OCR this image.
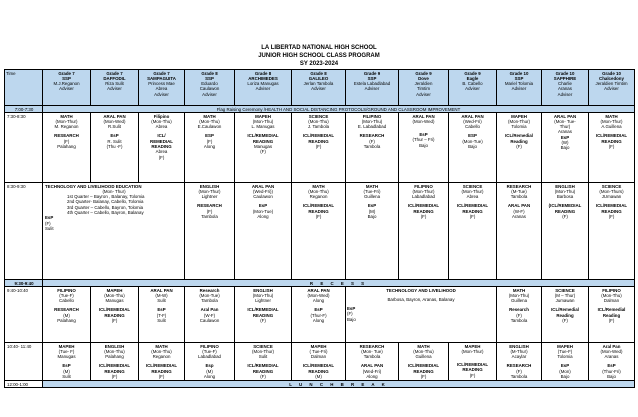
LA LIBERTAD NATIONAL HIGH SCHOOL
JUNIOR HIGH SCHOOL CLASS PROGRAM
SY 2023-2024
Time	Grade 7
SSP
M.J.Reganon
Adviser
Grade 7
DAFFODIL
Riza Sulit
Adviser
Grade 7
SAMPAGUITA
Princess Mae
Abrea
Adviser
Grade 8
SSP
Eduardo
Caulawon
Adviser
Grade 8
ARCHIMEDES
Loriza Manugas
Adviser
Grade 8
GALILEO
Jerlan Tambola
Adviser
Grade 9
SSP
Estela Labadlabad
Adviser
Grade 9
Dove
Jeraldien
Timtim
Adviser
Grade 9
Eagle
B. Cabello
Adviser
Grade 10
SSP
Mariel Tolomia
Adviser
Grade 10
SAPPHIRE
Charlie
Aranas
Adviser
Grade 10
Chalcedony
Jeraldien Timtim
Adviser
7:00-7:30
7:30-8:30
8:30-9:30
9:30-9:40
9:40-10:40
10:40- 11:40
12:00-1:00
Flag Raising Ceremony /HEALTH AND SOCIAL DISTANCING PROTOCOLS/GROUND AND CLASSROOM IMPROVEMENT
MATH
(Mon-Thur)
M. Reganon
RESEARCH
(F)
Palahang
ARAL PAN
(Mon-Wed)
R.Sulit
EsP
R. Sulit
(Thu -F)
Filipino
(Mon-Thu)
Abrea
ICL/
REMEDIAL
READING
Abrea
(F)
MATH
(Mon-Thu)
E.Caulawon
ESP
(F)
Along
MAPEH
(Mon-Thu)
L. Manugas
ICL/REMEDIAL
READING
Manugas
(F)
SCIENCE
(Mon-Thu)
J. Tambola
ICL/REMEDIAL
READING
(F)
FILIPINO
(Mon-Thu)
E. Labadlabad
RESEARCH
(F)
Tambola
ARAL PAN
(Mon-Wed)
EsP
(Thur – Fri)
Bajo
ARAL PAN
(Wed-Fri)
Cabello
ESP
(Mon-Tue)
Bajo
MAPEH
(Mon-Thur)
Tolomia
ICL/Remedial
Reading
(F)
ARAL PAN
(Mon- Tue-
Thur)
Aranas
EsP
(W)
Bajo
MATH
(Mon-Thur)
A.Guillena
ICL/REMEDIAL
READING
(F)
TECHNOLOGY AND LIVELIHOOD EDUCATION
(Mon- Thur)
1st Quarter – Bayron , Balanay, Tolomia
2nd Quarter- Balanay, Cabello, Tolomia
3rd Quarter – Cabello, Bayron, Tolomia
4th Quarter – Cabello, Bayron, Balanay
EsP
(F)
Sulit
ENGLISH
(Mon-Thur)
Lightner
RESEARCH
(F)
Tambola
ARAL PAN
(Wed-Fri))
Caulawon
EsP
(Mon-Tue)
Along
MATH
(Mon-Thu)
Reganon
ICL/REMEDIAL
READING
(F)
MATH
(Tue-Fri)
Guillena
EsP
(M)
Bajo
FILIPINO
(Mon-Thur)
Labadlabad
ICL/REMEDIAL
READING
(F)
SCIENCE
(Mon-Thur)
Abrea
ICL/REMEDIAL
READING
(F)
RESEARCH
(M-Tue)
Tambola
ARAL PAN
(W-F)
Aranas
ENGLISH
(Mon-Thu)
Barbosa
(ICL/REMEDIAL
READING
(F)
SCIENCE
(Mon-Thurs)
JUmawan
ICL/REMEDIAL
READING
(F)
R E C E S S
FILIPINO
(Tue-F)
Cabello
RESEARCH
(M)
Palahang
MAPEH
(Mon-Thu)
Manugas
ICL/REMEDIAL
READING
(F)
ARAL PAN
(M-W)
Sulit
EsP
(T-F)
Sulit
Research
(Mon-Tue)
Tambola
Aral Pan
(W-F)
Caulawon
ENGLISH
(Mon-Thu)
Lightner
ICL/REMEDIAL
READING
(F)
ARAL PAN
(Mon-Wed)
Along
EsP
(Thur-F)
Along
TECHNOLOGY AND LIVELIHOOD
Barbosa, Bayron, Aranas, Balanay
EsP
(F)
Bajo
MATH
(Mon-Thu)
Guillena
Research
(F)
Tambola
SCIENCE
(M – Thur)
Jumawan
ICL/Remedial
Reading
(F)
FILIPINO
(Mon-Thu)
Dalman
ICL/Remedial
Reading
(F)
MAPEH
(Tue- F)
Manugas
EsP
(M)
Sulit
ENGLISH
(Mon-Thu)
Palahang
ICL/REMEDIAL
READING
(F)
MATH
(Mon-Thu)
Reganon
ICL/REMEDIAL
READING
(F)
FILIPINO
(Tue-F)
Labadlabad
Esp
(M)
Along
SCIENCE
(Mon-Thur)
Sulit
ICL/REMEDIAL
READING
(F)
MAPEH
( Tue-Fri)
Dalman
ICL/REMEDIAL
READING
(M)
RESEARCH
(Mon- Tue)
Tambola
ARAL PAN
(Wed-Fri)
Along
MATH
(Mon-Thu)
Guillena
ICL/REMEDIAL
READING
(F)
MAPEH
(Mon-Thur)
ICL/REMEDIAL
READING
(F)
ENGLISH
(M-Thur)
Acaylar
RESEARCH
(F)
Tambola
MAPEH
(Tue-F)
Tolomia
EsP
(Mon)
Bajo
Aral Pan
(Mon-Wed)
Aranas
EsP
(Thur-Fri)
Bajo
L U N C H B R E A K
